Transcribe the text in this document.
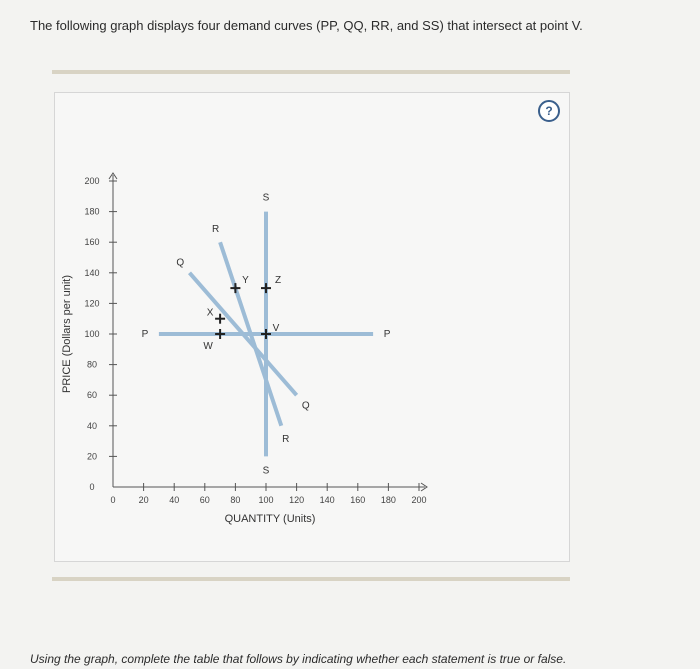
The following graph displays four demand curves (PP, QQ, RR, and SS) that intersect at point V.
?
0
20
40
60
80
100
120
140
160
180
200
0	20 40 60 80 100 120 140 160 180 200
QUANTITY (Units)
PRICE (Dollars per unit)	P	P
Q
Q
R
R
S
S
V
W
X
Y	Z
Using the graph, complete the table that follows by indicating whether each statement is true or false.
